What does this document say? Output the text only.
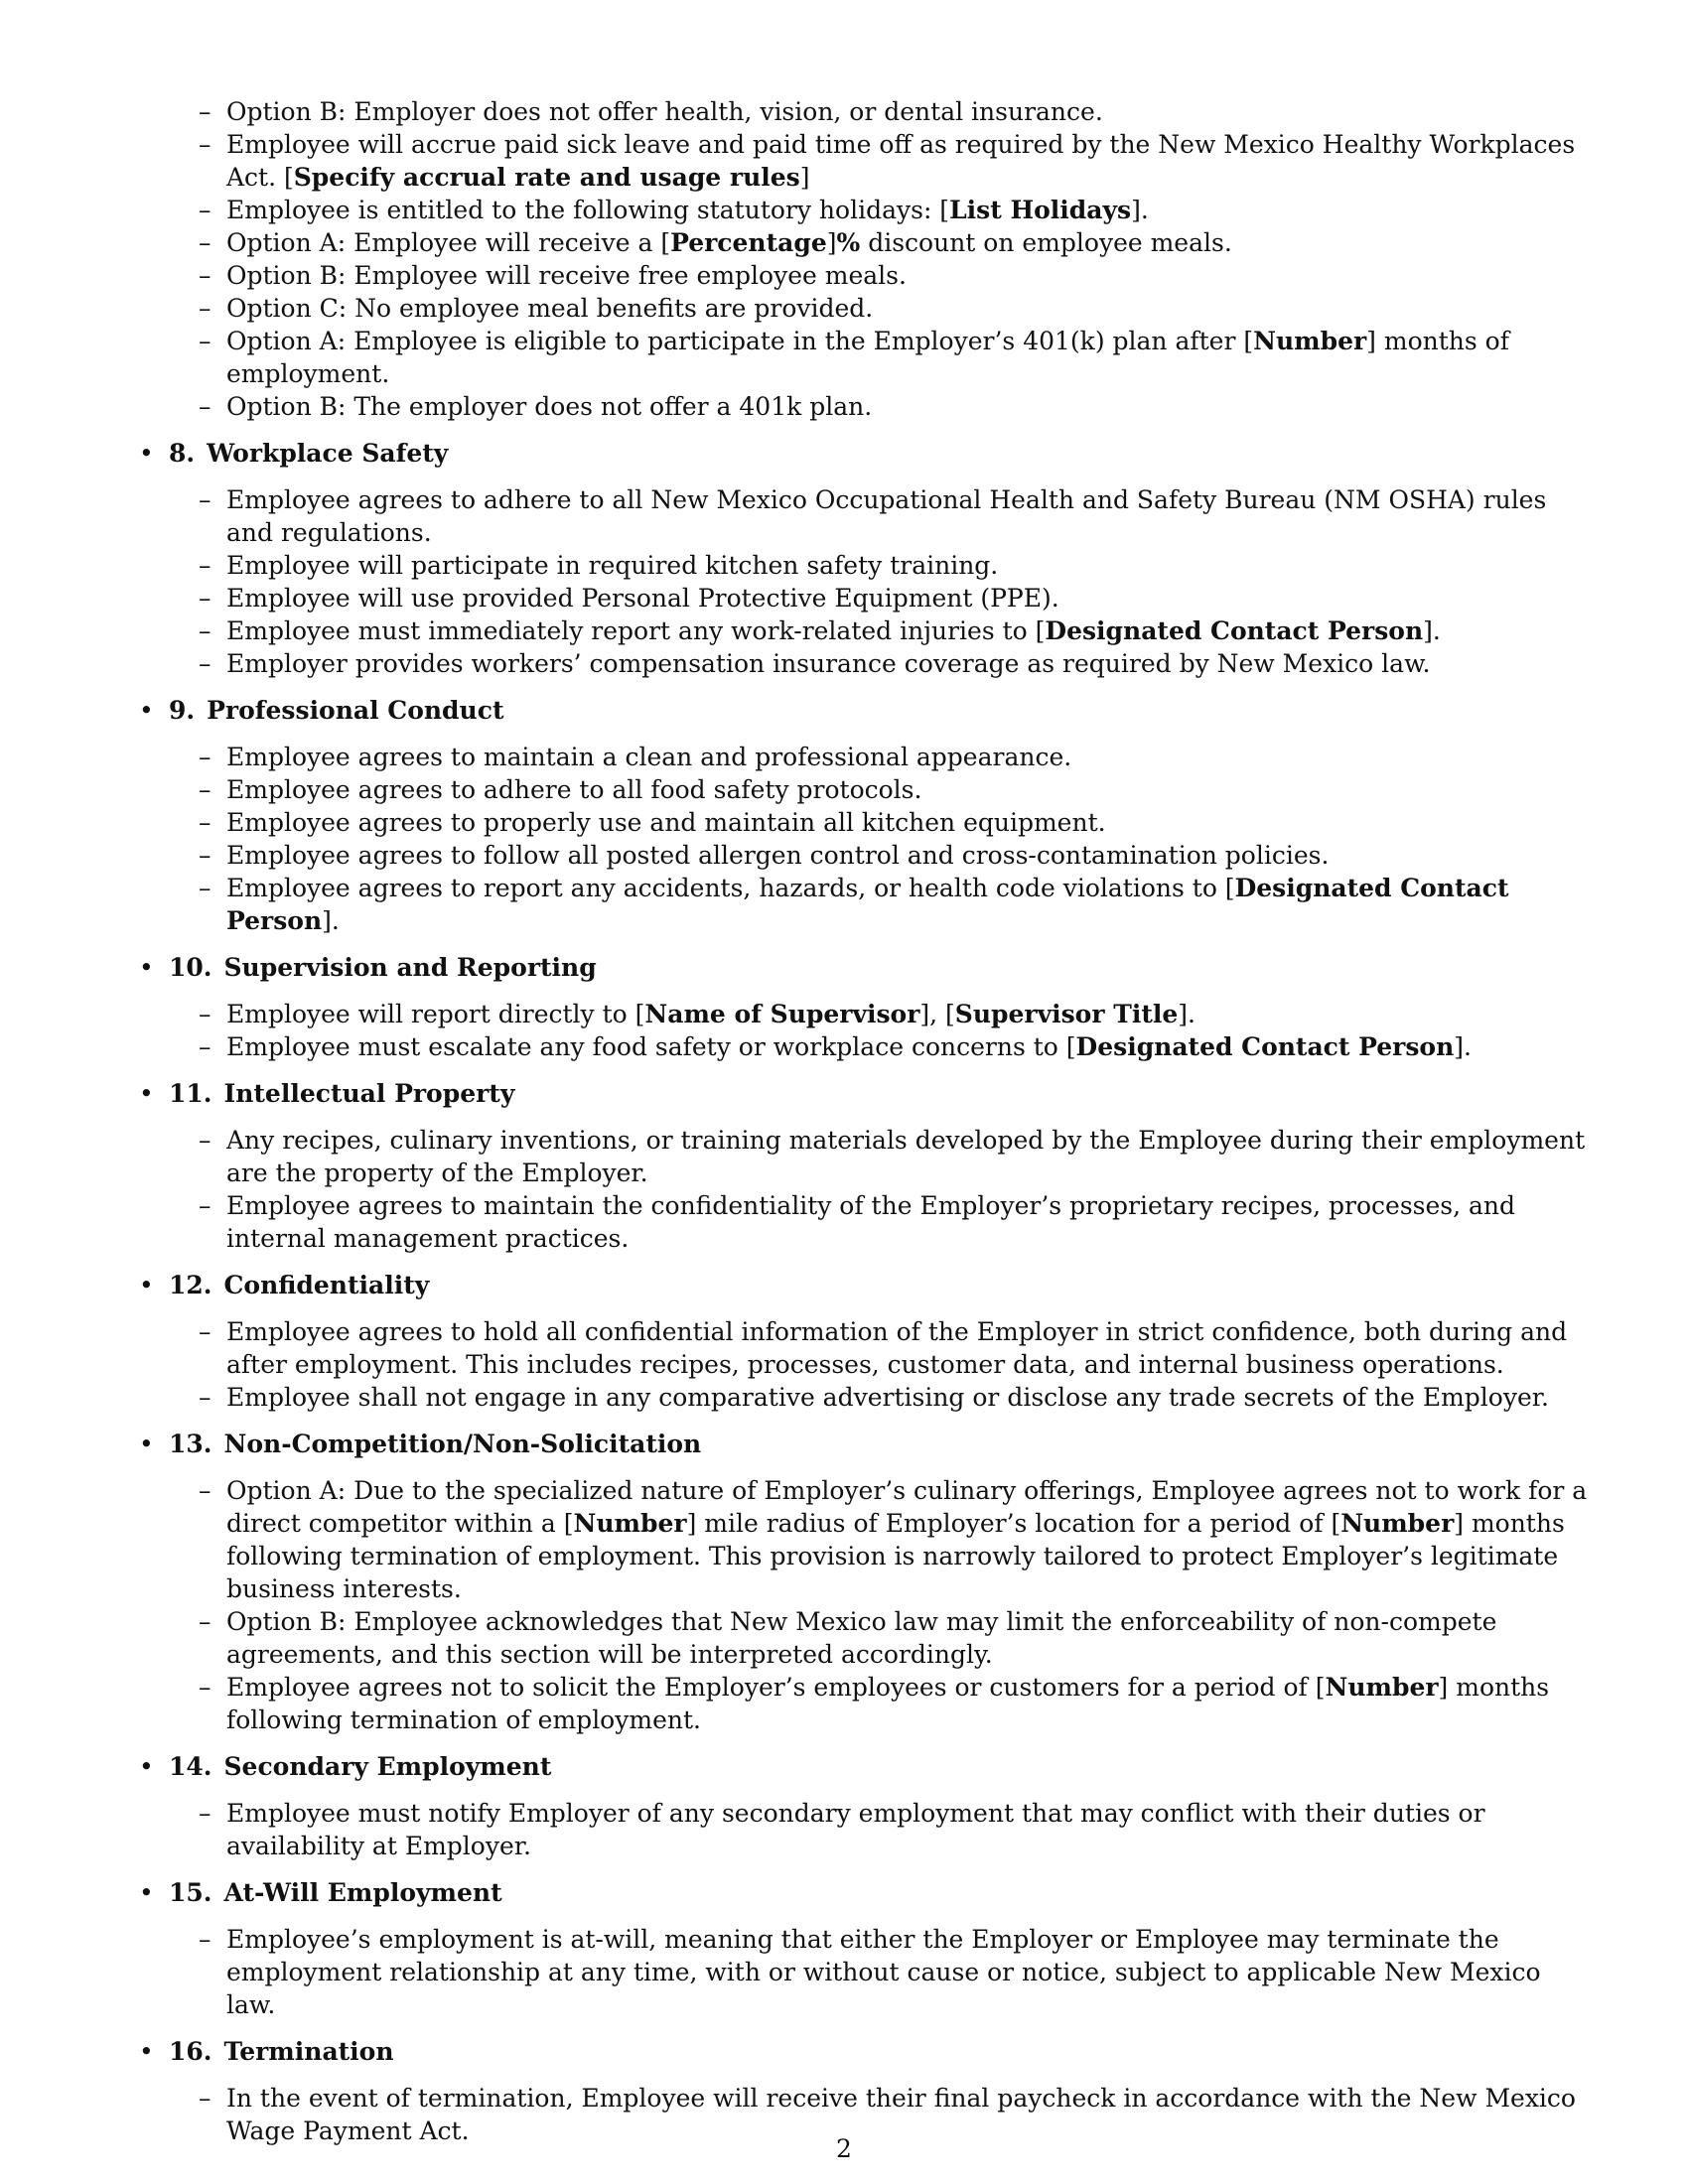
– Option B: Employer does not offer health, vision, or dental insurance.
– Employee will accrue paid sick leave and paid time off as required by the New Mexico Healthy Workplaces Act. [Specify accrual rate and usage rules]
– Employee is entitled to the following statutory holidays: [List Holidays].
– Option A: Employee will receive a [Percentage]% discount on employee meals.
– Option B: Employee will receive free employee meals.
– Option C: No employee meal benefits are provided.
– Option A: Employee is eligible to participate in the Employer’s 401(k) plan after [Number] months of employment.
– Option B: The employer does not offer a 401k plan.
• 8. Workplace Safety
– Employee agrees to adhere to all New Mexico Occupational Health and Safety Bureau (NM OSHA) rules and regulations.
– Employee will participate in required kitchen safety training.
– Employee will use provided Personal Protective Equipment (PPE).
– Employee must immediately report any work-related injuries to [Designated Contact Person].
– Employer provides workers’ compensation insurance coverage as required by New Mexico law.
• 9. Professional Conduct
– Employee agrees to maintain a clean and professional appearance.
– Employee agrees to adhere to all food safety protocols.
– Employee agrees to properly use and maintain all kitchen equipment.
– Employee agrees to follow all posted allergen control and cross-contamination policies.
– Employee agrees to report any accidents, hazards, or health code violations to [Designated Contact Person].
• 10. Supervision and Reporting
– Employee will report directly to [Name of Supervisor], [Supervisor Title].
– Employee must escalate any food safety or workplace concerns to [Designated Contact Person].
• 11. Intellectual Property
– Any recipes, culinary inventions, or training materials developed by the Employee during their employment are the property of the Employer.
– Employee agrees to maintain the confidentiality of the Employer’s proprietary recipes, processes, and internal management practices.
• 12. Confidentiality
– Employee agrees to hold all confidential information of the Employer in strict confidence, both during and after employment. This includes recipes, processes, customer data, and internal business operations.
– Employee shall not engage in any comparative advertising or disclose any trade secrets of the Employer.
• 13. Non-Competition/Non-Solicitation
– Option A: Due to the specialized nature of Employer’s culinary offerings, Employee agrees not to work for a direct competitor within a [Number] mile radius of Employer’s location for a period of [Number] months following termination of employment. This provision is narrowly tailored to protect Employer’s legitimate business interests.
– Option B: Employee acknowledges that New Mexico law may limit the enforceability of non-compete agreements, and this section will be interpreted accordingly.
– Employee agrees not to solicit the Employer’s employees or customers for a period of [Number] months following termination of employment.
• 14. Secondary Employment
– Employee must notify Employer of any secondary employment that may conflict with their duties or availability at Employer.
• 15. At-Will Employment
– Employee’s employment is at-will, meaning that either the Employer or Employee may terminate the employment relationship at any time, with or without cause or notice, subject to applicable New Mexico law.
• 16. Termination
– In the event of termination, Employee will receive their final paycheck in accordance with the New Mexico Wage Payment Act.
2
